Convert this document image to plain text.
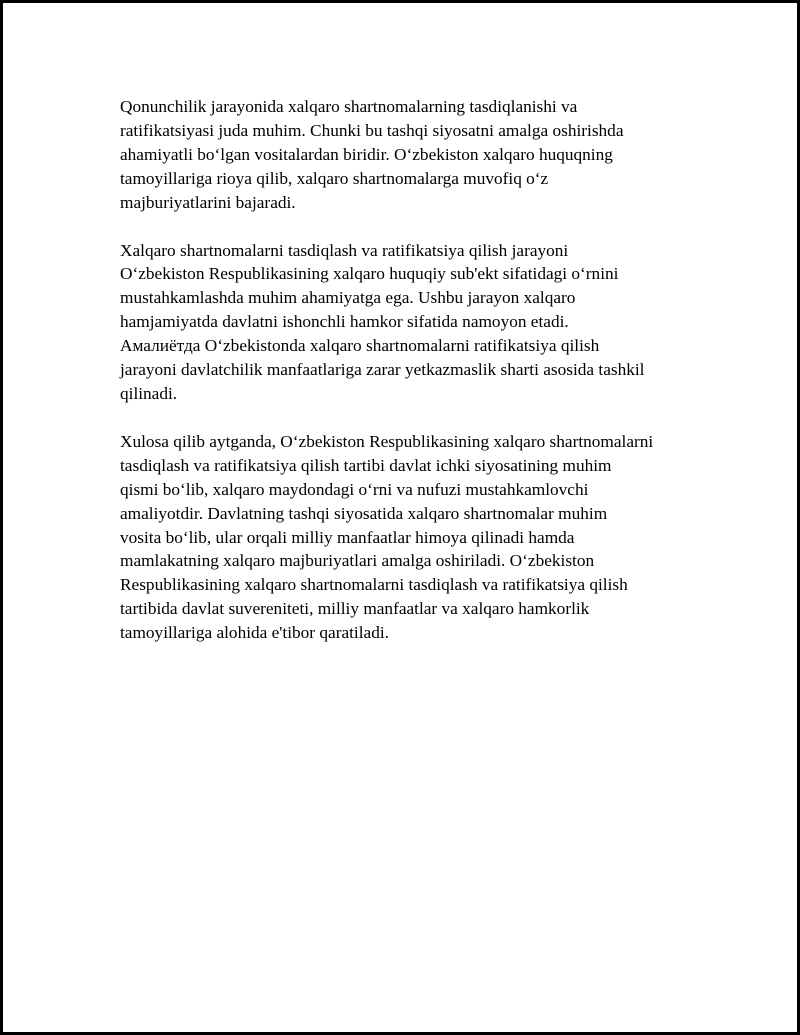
Qonunchilik jarayonida xalqaro shartnomalarning tasdiqlanishi va
ratifikatsiyasi juda muhim. Chunki bu tashqi siyosatni amalga oshirishda
ahamiyatli bo‘lgan vositalardan biridir. O‘zbekiston xalqaro huquqning
tamoyillariga rioya qilib, xalqaro shartnomalarga muvofiq o‘z
majburiyatlarini bajaradi.

Xalqaro shartnomalarni tasdiqlash va ratifikatsiya qilish jarayoni
O‘zbekiston Respublikasining xalqaro huquqiy sub'ekt sifatidagi o‘rnini
mustahkamlashda muhim ahamiyatga ega. Ushbu jarayon xalqaro
hamjamiyatda davlatni ishonchli hamkor sifatida namoyon etadi.
Амалиётда O‘zbekistonda xalqaro shartnomalarni ratifikatsiya qilish
jarayoni davlatchilik manfaatlariga zarar yetkazmaslik sharti asosida tashkil
qilinadi.

Xulosa qilib aytganda, O‘zbekiston Respublikasining xalqaro shartnomalarni
tasdiqlash va ratifikatsiya qilish tartibi davlat ichki siyosatining muhim
qismi bo‘lib, xalqaro maydondagi o‘rni va nufuzi mustahkamlovchi
amaliyotdir. Davlatning tashqi siyosatida xalqaro shartnomalar muhim
vosita bo‘lib, ular orqali milliy manfaatlar himoya qilinadi hamda
mamlakatning xalqaro majburiyatlari amalga oshiriladi. O‘zbekiston
Respublikasining xalqaro shartnomalarni tasdiqlash va ratifikatsiya qilish
tartibida davlat suvereniteti, milliy manfaatlar va xalqaro hamkorlik
tamoyillariga alohida e'tibor qaratiladi.
